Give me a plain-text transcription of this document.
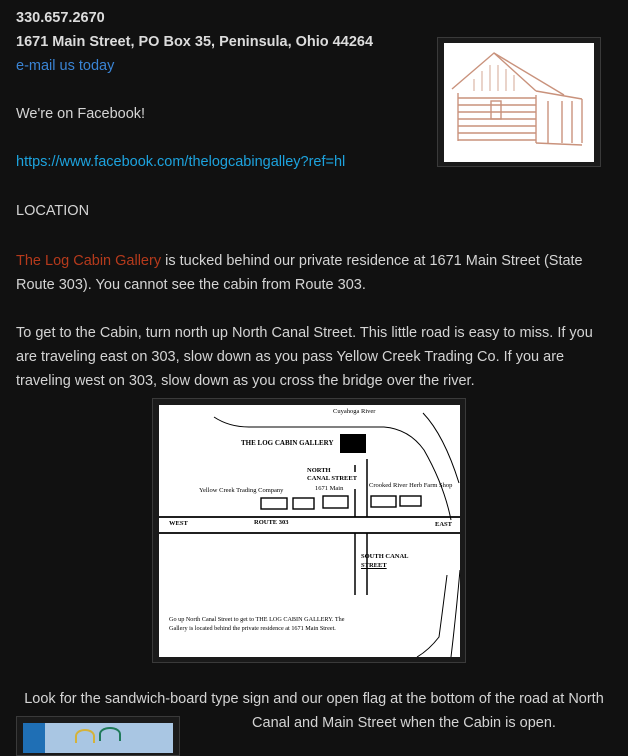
330.657.2670
1671 Main Street, PO Box 35, Peninsula, Ohio 44264
e-mail us today
We're on Facebook!
https://www.facebook.com/thelogcabingalley?ref=hl
LOCATION
The Log Cabin Gallery is tucked behind our private residence at 1671 Main Street (State Route 303). You cannot see the cabin from Route 303.
To get to the Cabin, turn north up North Canal Street. This little road is easy to miss. If you are traveling east on 303, slow down as you pass Yellow Creek Trading Co. If you are traveling west on 303, slow down as you cross the bridge over the river.
Cuyahoga River
THE LOG CABIN GALLERY
NORTH
CANAL STREET
Yellow Creek Trading Company	1671 Main	Crooked River Herb Farm Shop
WEST	ROUTE 303	EAST
SOUTH CANAL
STREET
Go up North Canal Street to get to THE LOG CABIN GALLERY. The
Gallery is located behind the private residence at 1671 Main Street.
Look for the sandwich-board type sign and our open flag at the bottom of the road at North
Canal and Main Street when the Cabin is open.
